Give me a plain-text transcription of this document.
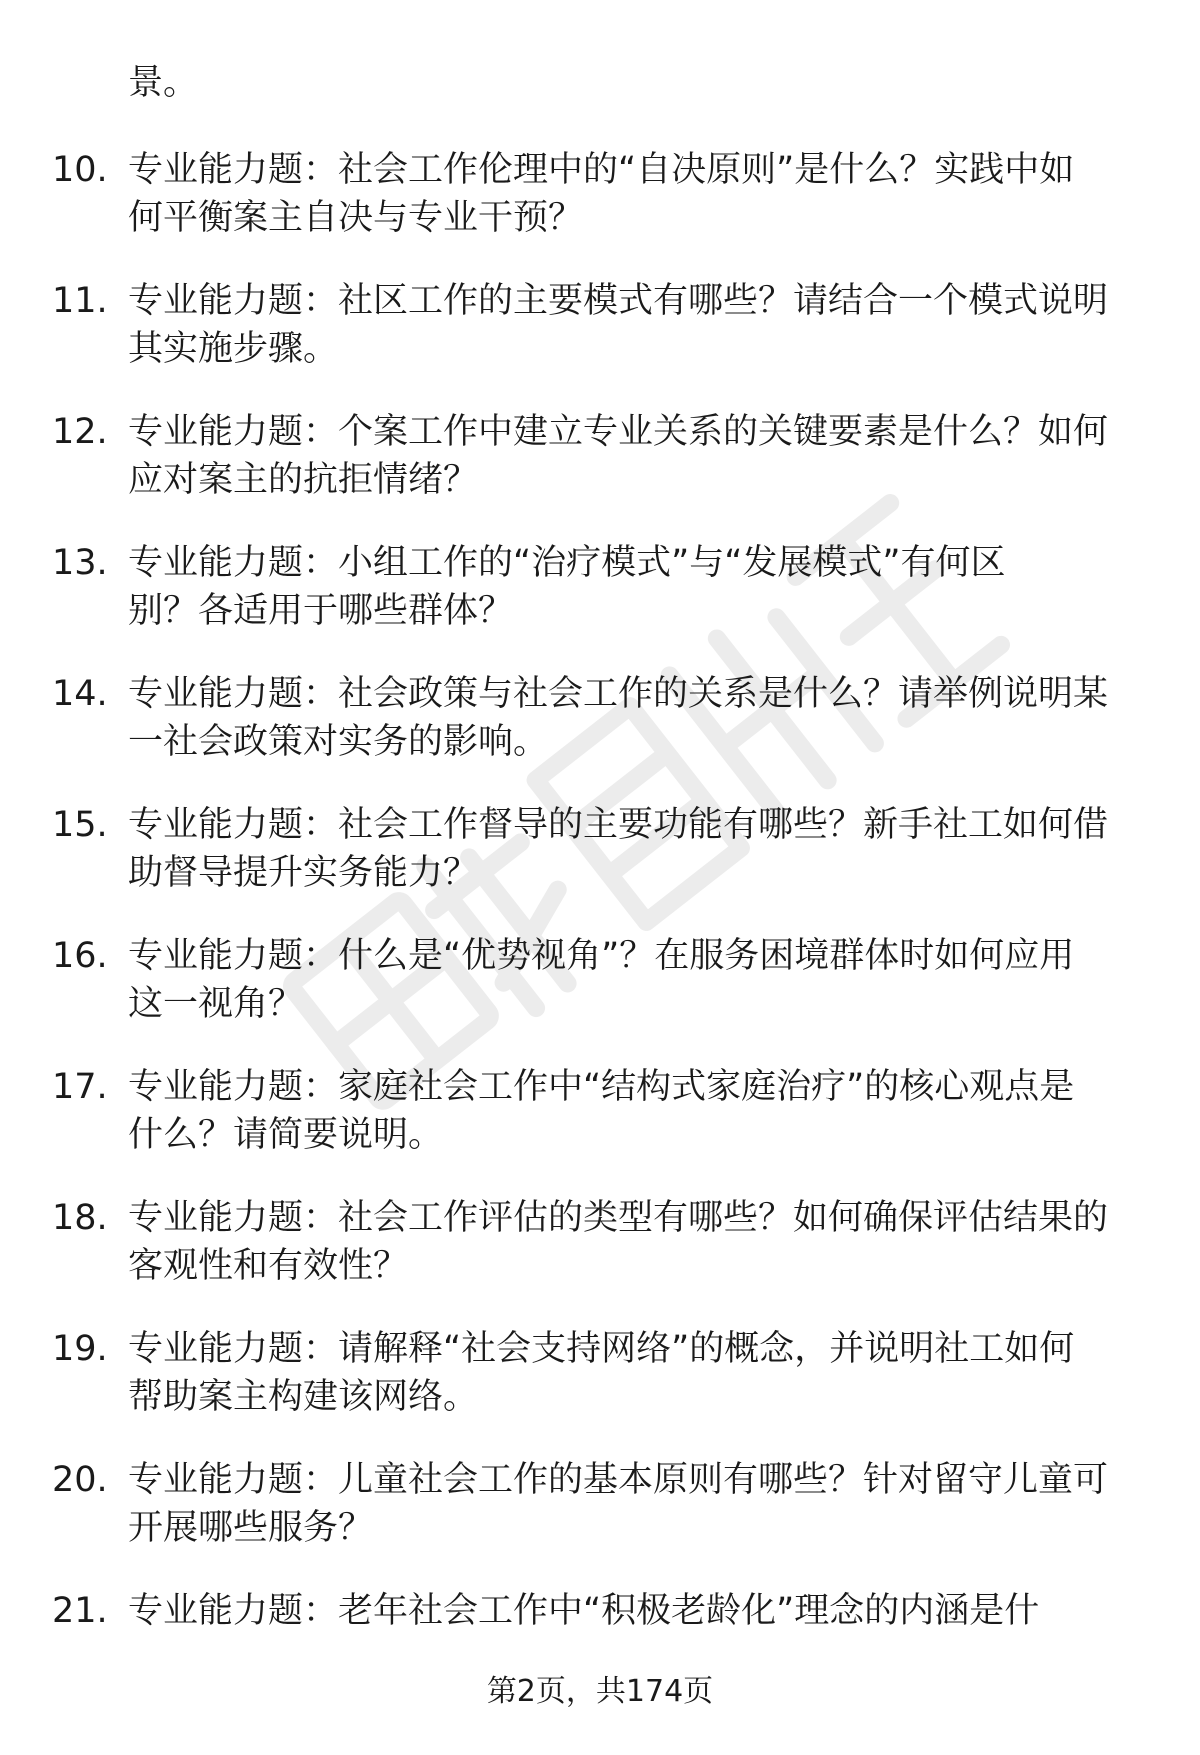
景。
10. 专业能力题：社会工作伦理中的“自决原则”是什么？实践中如
何平衡案主自决与专业干预？
11. 专业能力题：社区工作的主要模式有哪些？请结合一个模式说明
其实施步骤。
12. 专业能力题：个案工作中建立专业关系的关键要素是什么？如何
应对案主的抗拒情绪？
13. 专业能力题：小组工作的“治疗模式”与“发展模式”有何区
别？各适用于哪些群体？
14. 专业能力题：社会政策与社会工作的关系是什么？请举例说明某
一社会政策对实务的影响。
15. 专业能力题：社会工作督导的主要功能有哪些？新手社工如何借
助督导提升实务能力？
16. 专业能力题：什么是“优势视角”？在服务困境群体时如何应用
这一视角？
17. 专业能力题：家庭社会工作中“结构式家庭治疗”的核心观点是
什么？请简要说明。
18. 专业能力题：社会工作评估的类型有哪些？如何确保评估结果的
客观性和有效性？
19. 专业能力题：请解释“社会支持网络”的概念，并说明社工如何
帮助案主构建该网络。
20. 专业能力题：儿童社会工作的基本原则有哪些？针对留守儿童可
开展哪些服务？
21. 专业能力题：老年社会工作中“积极老龄化”理念的内涵是什
第2页，共174页
